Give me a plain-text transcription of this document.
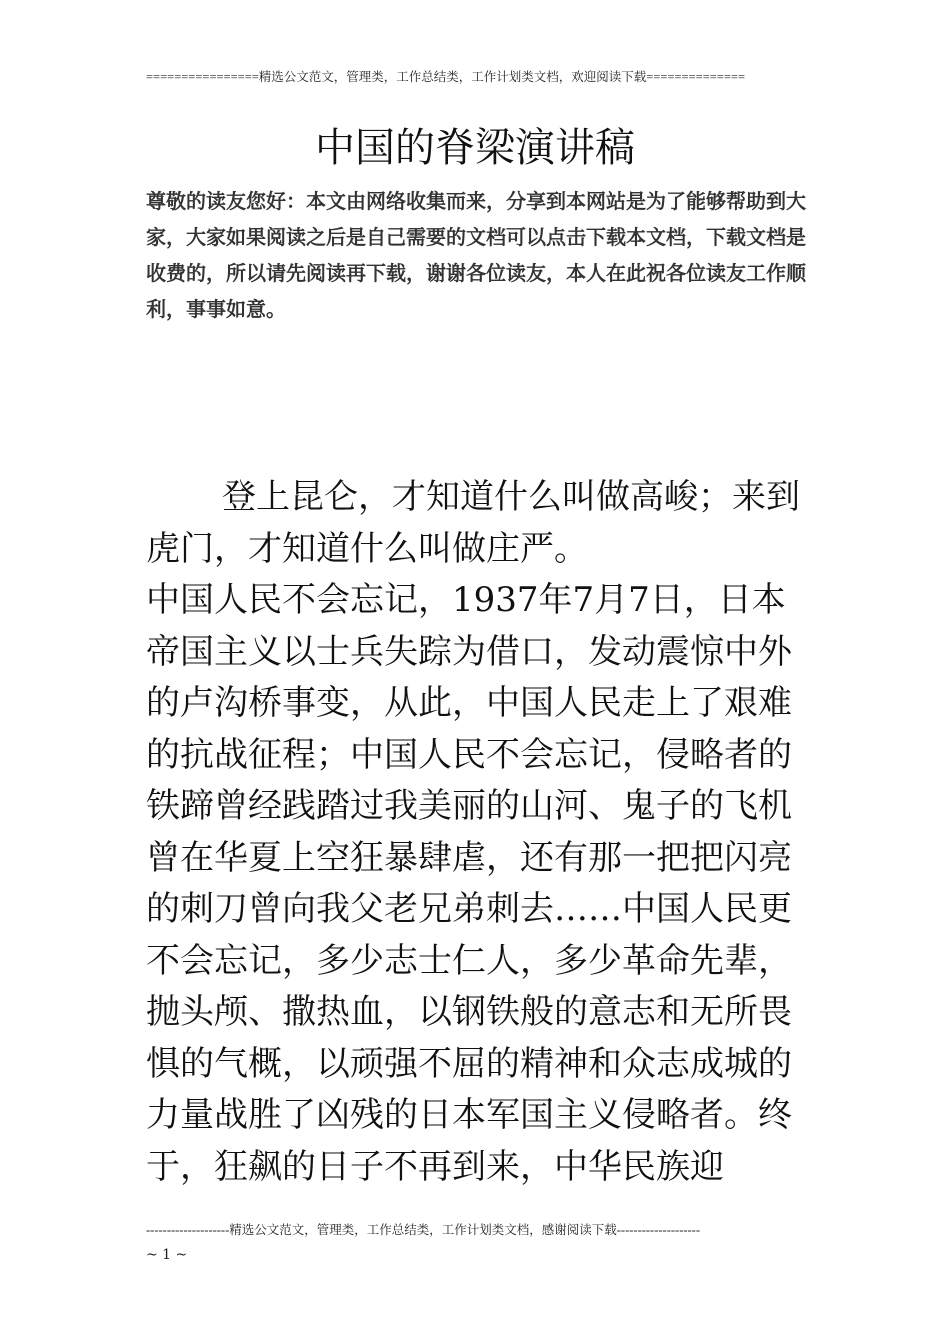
================精选公文范文，管理类，工作总结类，工作计划类文档，欢迎阅读下载==============
中国的脊梁演讲稿
尊敬的读友您好：本文由网络收集而来，分享到本网站是为了能够帮助到大家，大家如果阅读之后是自己需要的文档可以点击下载本文档，下载文档是收费的，所以请先阅读再下载，谢谢各位读友，本人在此祝各位读友工作顺利，事事如意。

登上昆仑，才知道什么叫做高峻；来到虎门，才知道什么叫做庄严。

中国人民不会忘记，1937年7月7日，日本帝国主义以士兵失踪为借口，发动震惊中外的卢沟桥事变，从此，中国人民走上了艰难的抗战征程；中国人民不会忘记，侵略者的铁蹄曾经践踏过我美丽的山河、鬼子的飞机曾在华夏上空狂暴肆虐，还有那一把把闪亮的刺刀曾向我父老兄弟刺去……中国人民更不会忘记，多少志士仁人，多少革命先辈，抛头颅、撒热血，以钢铁般的意志和无所畏惧的气概，以顽强不屈的精神和众志成城的力量战胜了凶残的日本军国主义侵略者。终于，狂飙的日子不再到来，中华民族迎

--------------------精选公文范文，管理类，工作总结类，工作计划类文档，感谢阅读下载--------------------
~ 1 ~
